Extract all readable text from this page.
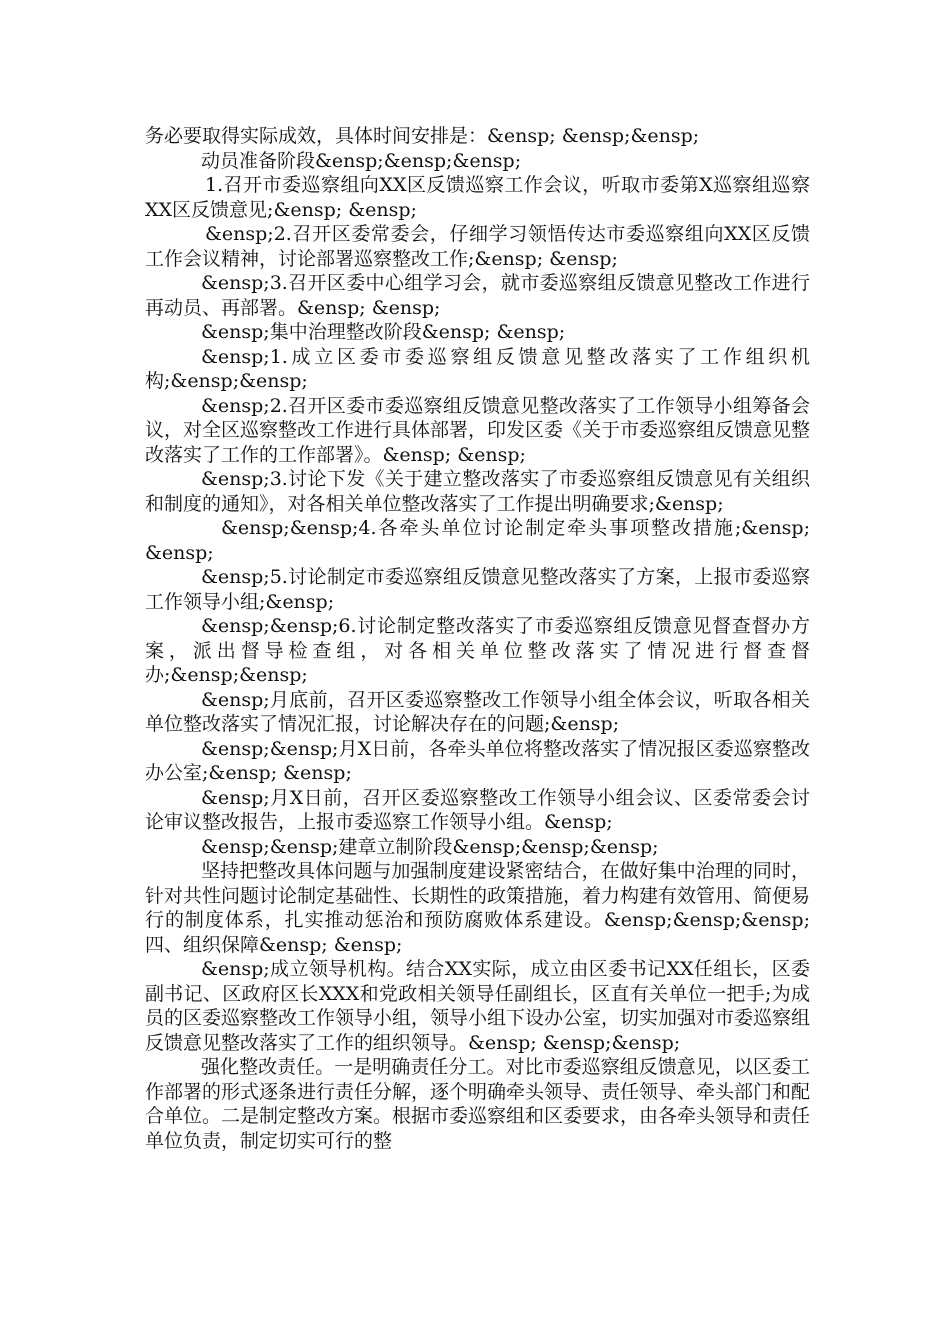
务必要取得实际成效，具体时间安排是：&ensp; &ensp;&ensp;

动员准备阶段&ensp;&ensp;&ensp;

1.召开市委巡察组向XX区反馈巡察工作会议，听取市委第X巡察组巡察XX区反馈意见;&ensp; &ensp;

&ensp;2.召开区委常委会，仔细学习领悟传达市委巡察组向XX区反馈工作会议精神，讨论部署巡察整改工作;&ensp; &ensp;

&ensp;3.召开区委中心组学习会，就市委巡察组反馈意见整改工作进行再动员、再部署。&ensp; &ensp;

&ensp;集中治理整改阶段&ensp; &ensp;

&ensp;1.成立区委市委巡察组反馈意见整改落实了工作组织机构;&ensp;&ensp;

&ensp;2.召开区委市委巡察组反馈意见整改落实了工作领导小组筹备会议，对全区巡察整改工作进行具体部署，印发区委《关于市委巡察组反馈意见整改落实了工作的工作部署》。&ensp; &ensp;

&ensp;3.讨论下发《关于建立整改落实了市委巡察组反馈意见有关组织和制度的通知》，对各相关单位整改落实了工作提出明确要求;&ensp;

&ensp;&ensp;4.各牵头单位讨论制定牵头事项整改措施;&ensp; &ensp;

&ensp;5.讨论制定市委巡察组反馈意见整改落实了方案，上报市委巡察工作领导小组;&ensp;

&ensp;&ensp;6.讨论制定整改落实了市委巡察组反馈意见督查督办方案，派出督导检查组，对各相关单位整改落实了情况进行督查督办;&ensp;&ensp;

&ensp;月底前，召开区委巡察整改工作领导小组全体会议，听取各相关单位整改落实了情况汇报，讨论解决存在的问题;&ensp;

&ensp;&ensp;月X日前，各牵头单位将整改落实了情况报区委巡察整改办公室;&ensp; &ensp;

&ensp;月X日前，召开区委巡察整改工作领导小组会议、区委常委会讨论审议整改报告，上报市委巡察工作领导小组。&ensp;

&ensp;&ensp;建章立制阶段&ensp;&ensp;&ensp;

坚持把整改具体问题与加强制度建设紧密结合，在做好集中治理的同时，针对共性问题讨论制定基础性、长期性的政策措施，着力构建有效管用、简便易行的制度体系，扎实推动惩治和预防腐败体系建设。&ensp;&ensp;&ensp;四、组织保障&ensp; &ensp;

&ensp;成立领导机构。结合XX实际，成立由区委书记XX任组长，区委副书记、区政府区长XXX和党政相关领导任副组长，区直有关单位一把手;为成员的区委巡察整改工作领导小组，领导小组下设办公室，切实加强对市委巡察组反馈意见整改落实了工作的组织领导。&ensp; &ensp;&ensp;

强化整改责任。一是明确责任分工。对比市委巡察组反馈意见，以区委工作部署的形式逐条进行责任分解，逐个明确牵头领导、责任领导、牵头部门和配合单位。二是制定整改方案。根据市委巡察组和区委要求，由各牵头领导和责任单位负责，制定切实可行的整
